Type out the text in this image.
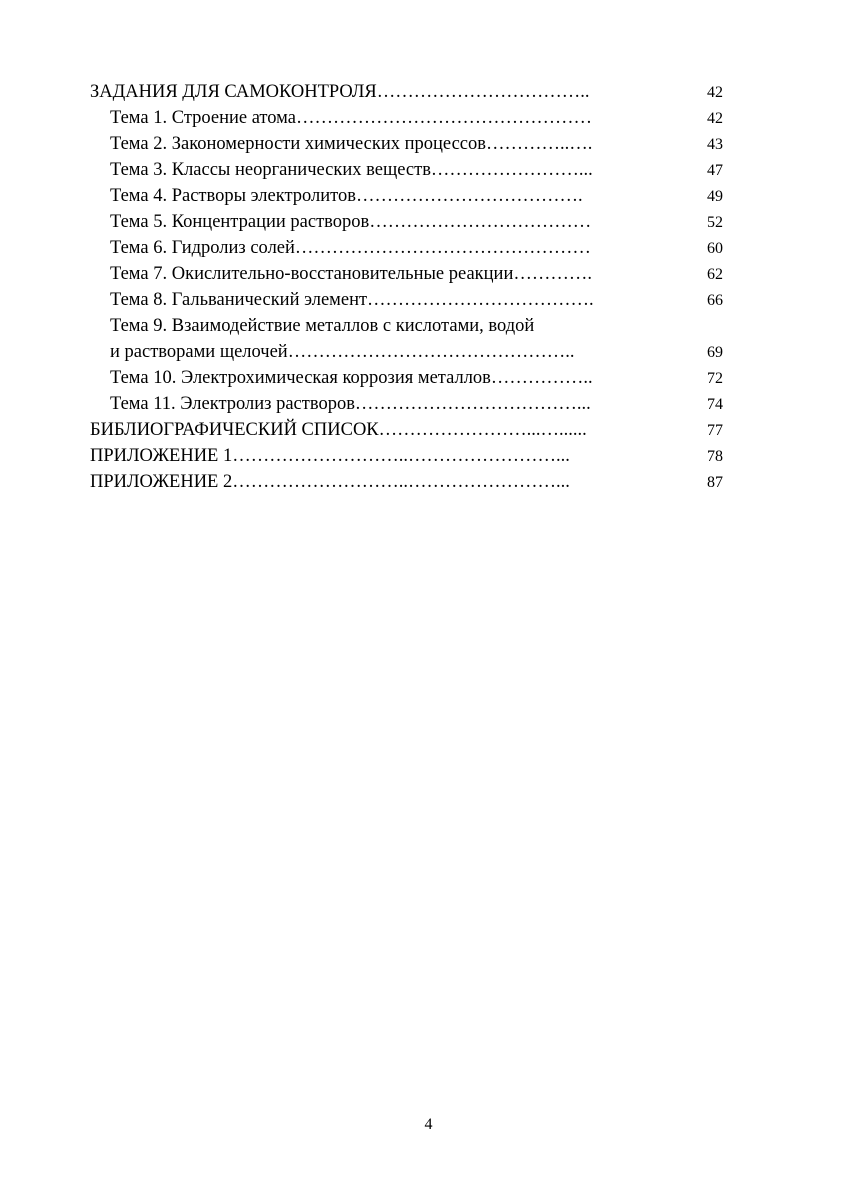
ЗАДАНИЯ ДЛЯ САМОКОНТРОЛЯ……………………………..	42
Тема 1. Строение атома…………………………………………	42
Тема 2. Закономерности химических процессов…………..….	43
Тема 3. Классы неорганических веществ……………………...	47
Тема 4. Растворы электролитов……………………………….	49
Тема 5. Концентрации растворов………………………………	52
Тема 6. Гидролиз солей…………………………………………	60
Тема 7. Окислительно-восстановительные реакции………….	62
Тема 8. Гальванический элемент……………………………….	66
Тема 9. Взаимодействие металлов с кислотами, водой
и растворами щелочей………………………………………..	69
Тема 10. Электрохимическая коррозия металлов……………..	72
Тема 11. Электролиз растворов………………………………...	74
БИБЛИОГРАФИЧЕСКИЙ СПИСОК……………………...…......	77
ПРИЛОЖЕНИЕ 1………………………..……………………...	78
ПРИЛОЖЕНИЕ 2………………………..……………………...	87
4
